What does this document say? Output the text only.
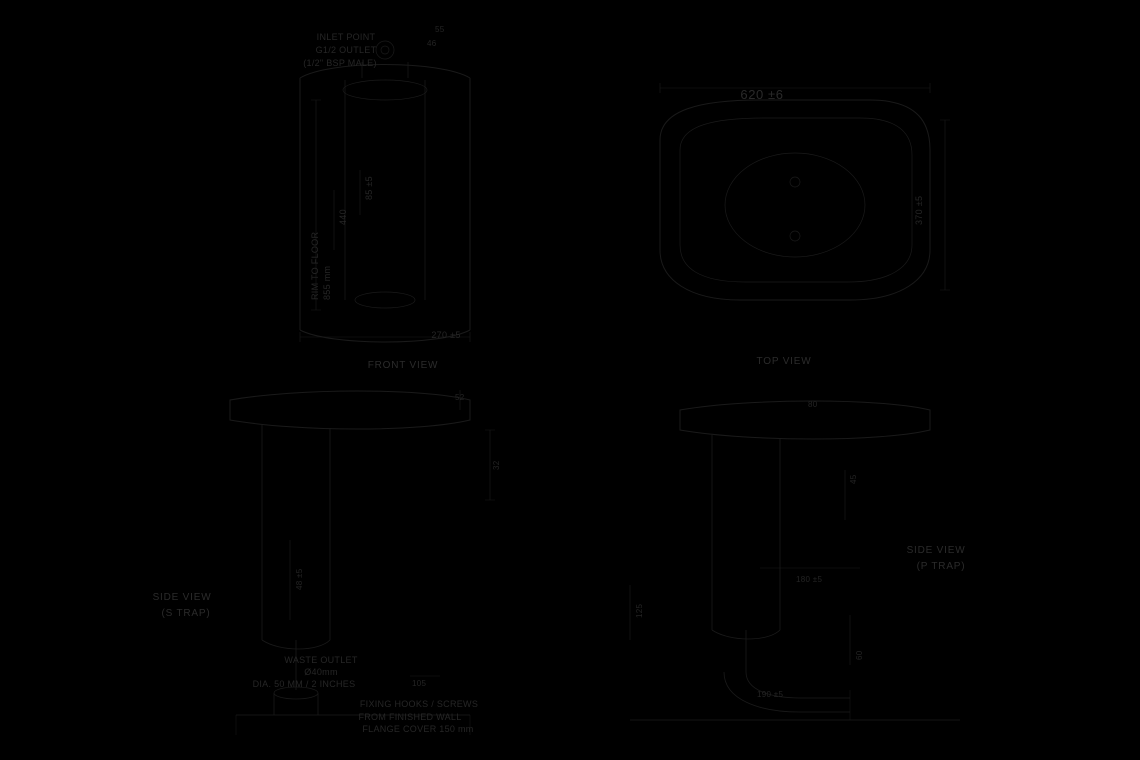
INLET POINT
G1/2 OUTLET
(1/2" BSP MALE)
55
46
855 mm
RIM TO FLOOR
440
85 ±5
270 ±5
FRONT VIEW
620 ±6
370 ±5
TOP VIEW
52
80
32
45
SIDE VIEW
(S TRAP)
48 ±5
125
SIDE VIEW
(P TRAP)
180 ±5
60
190 ±5
WASTE OUTLET
Ø40mm
DIA. 50 MM / 2 INCHES	105
FIXING HOOKS / SCREWS
FROM FINISHED WALL
FLANGE COVER 150 mm
